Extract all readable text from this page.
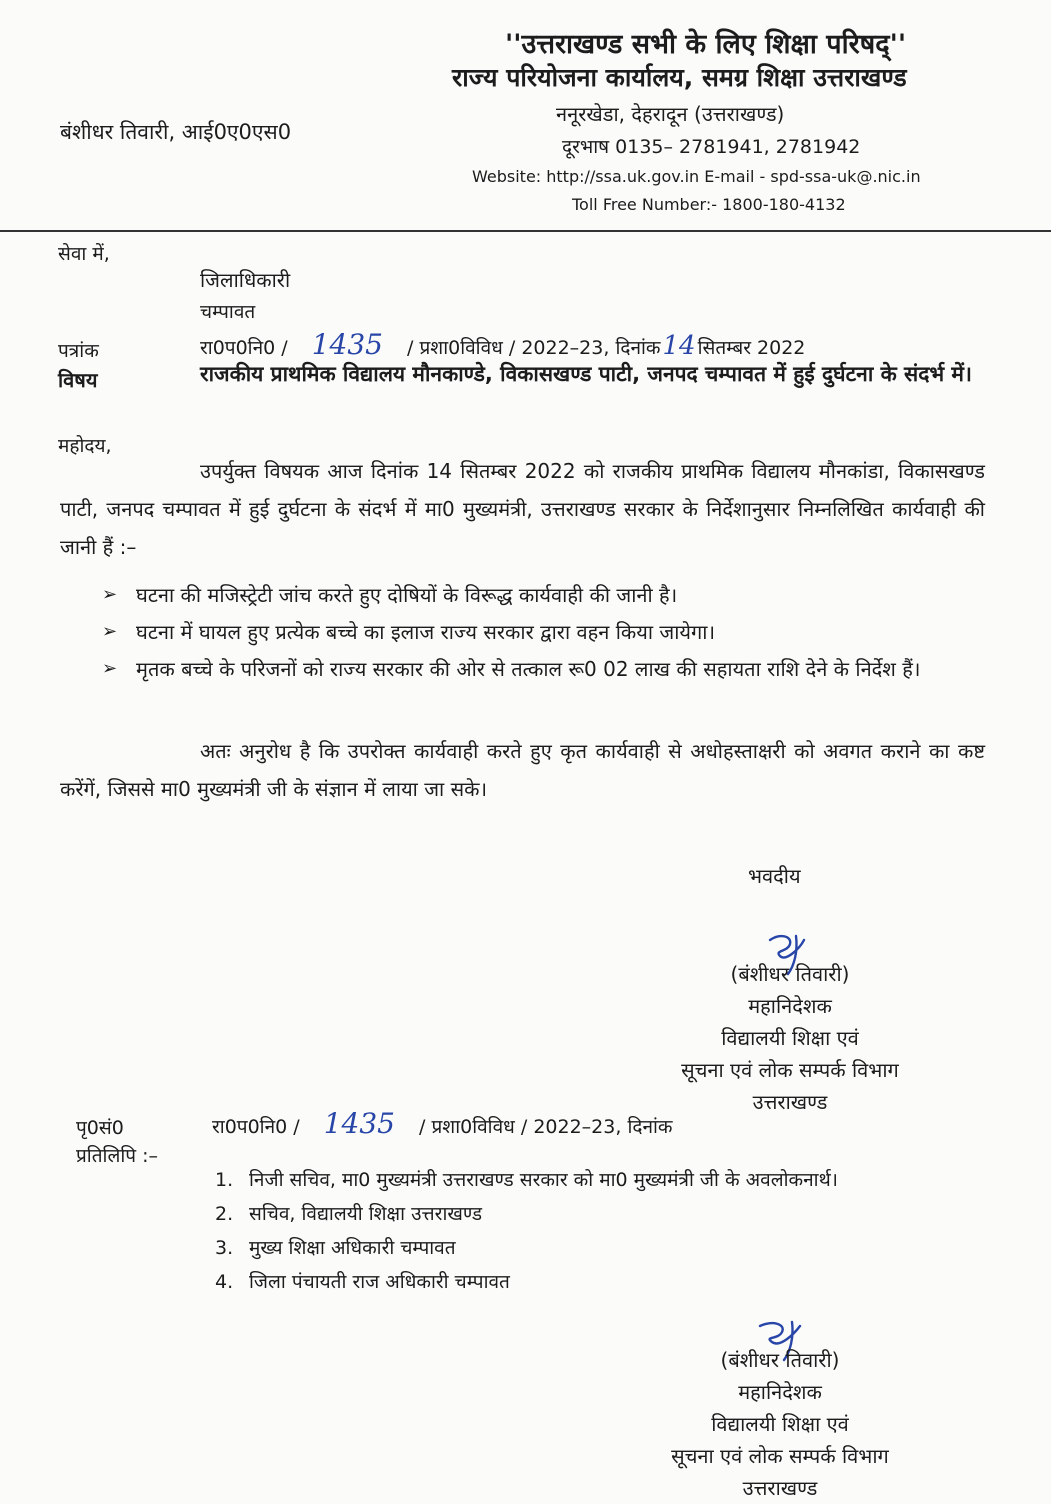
''उत्तराखण्ड सभी के लिए शिक्षा परिषद्''
राज्य परियोजना कार्यालय, समग्र शिक्षा उत्तराखण्ड
ननूरखेडा, देहरादून (उत्तराखण्ड)
दूरभाष 0135– 2781941, 2781942
Website: http://ssa.uk.gov.in E-mail - spd-ssa-uk@.nic.in
Toll Free Number:- 1800-180-4132
बंशीधर तिवारी, आई0ए0एस0
सेवा में,
जिलाधिकारी
चम्पावत
पत्रांक	रा0प0नि0 / 1435 / प्रशा0विविध / 2022–23, दिनांक14 सितम्बर 2022
विषय	राजकीय प्राथमिक विद्यालय मौनकाण्डे, विकासखण्ड पाटी, जनपद चम्पावत में हुई दुर्घटना के संदर्भ में।
महोदय,
उपर्युक्त विषयक आज दिनांक 14 सितम्बर 2022 को राजकीय प्राथमिक विद्यालय मौनकांडा, विकासखण्ड पाटी, जनपद चम्पावत में हुई दुर्घटना के संदर्भ में मा0 मुख्यमंत्री, उत्तराखण्ड सरकार के निर्देशानुसार निम्नलिखित कार्यवाही की जानी हैं :–
➢ घटना की मजिस्ट्रेटी जांच करते हुए दोषियों के विरूद्ध कार्यवाही की जानी है।
➢ घटना में घायल हुए प्रत्येक बच्चे का इलाज राज्य सरकार द्वारा वहन किया जायेगा।
➢ मृतक बच्चे के परिजनों को राज्य सरकार की ओर से तत्काल रू0 02 लाख की सहायता राशि देने के निर्देश हैं।
अतः अनुरोध है कि उपरोक्त कार्यवाही करते हुए कृत कार्यवाही से अधोहस्ताक्षरी को अवगत कराने का कष्ट करेंगें, जिससे मा0 मुख्यमंत्री जी के संज्ञान में लाया जा सके।
भवदीय
(बंशीधर तिवारी)
महानिदेशक
विद्यालयी शिक्षा एवं
सूचना एवं लोक सम्पर्क विभाग
उत्तराखण्ड
पृ0सं0
प्रतिलिपि :–
रा0प0नि0 / 1435 / प्रशा0विविध / 2022–23, दिनांक
1. निजी सचिव, मा0 मुख्यमंत्री उत्तराखण्ड सरकार को मा0 मुख्यमंत्री जी के अवलोकनार्थ।
2. सचिव, विद्यालयी शिक्षा उत्तराखण्ड
3. मुख्य शिक्षा अधिकारी चम्पावत
4. जिला पंचायती राज अधिकारी चम्पावत
(बंशीधर तिवारी)
महानिदेशक
विद्यालयी शिक्षा एवं
सूचना एवं लोक सम्पर्क विभाग
उत्तराखण्ड
